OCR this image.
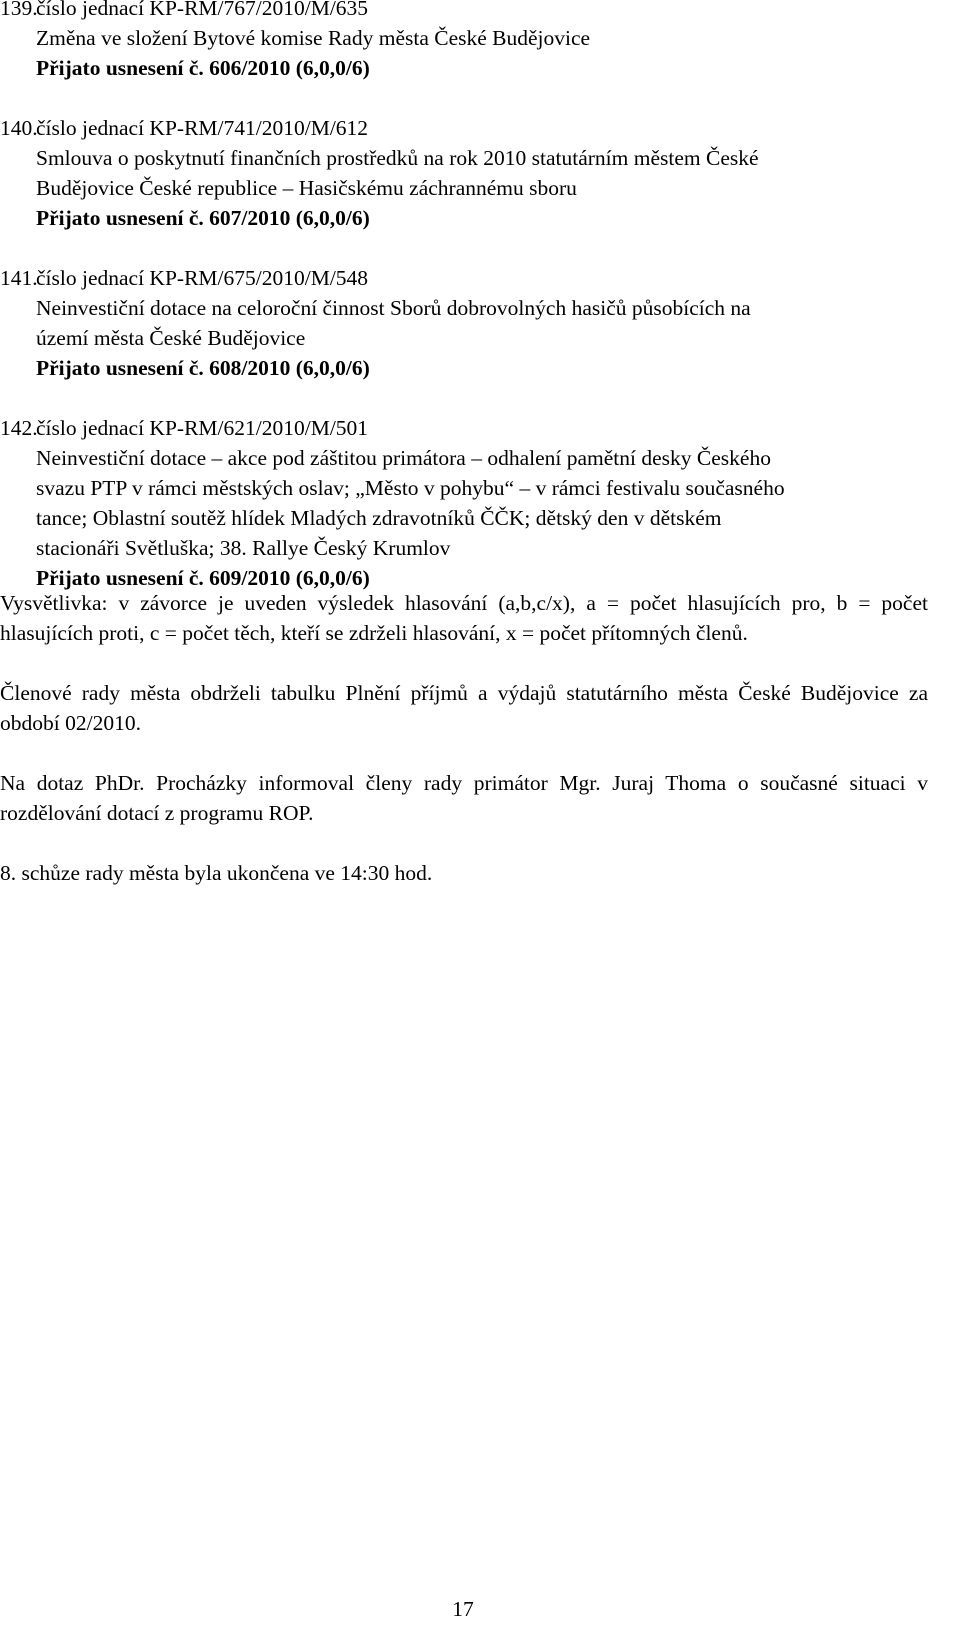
139.
číslo jednací KP-RM/767/2010/M/635
Změna ve složení Bytové komise Rady města České Budějovice
Přijato usnesení č. 606/2010 (6,0,0/6)
140.
číslo jednací KP-RM/741/2010/M/612
Smlouva o poskytnutí finančních prostředků na rok 2010 statutárním městem České
Budějovice České republice – Hasičskému záchrannému sboru
Přijato usnesení č. 607/2010 (6,0,0/6)
141.
číslo jednací KP-RM/675/2010/M/548
Neinvestiční dotace na celoroční činnost Sborů dobrovolných hasičů působících na
území města České Budějovice
Přijato usnesení č. 608/2010 (6,0,0/6)
142.
číslo jednací KP-RM/621/2010/M/501
Neinvestiční dotace – akce pod záštitou primátora – odhalení pamětní desky Českého
svazu PTP v rámci městských oslav; „Město v pohybu“ – v rámci festivalu současného
tance; Oblastní soutěž hlídek Mladých zdravotníků ČČK; dětský den v dětském
stacionáři Světluška; 38. Rallye Český Krumlov
Přijato usnesení č. 609/2010 (6,0,0/6)

Vysvětlivka: v závorce je uveden výsledek hlasování (a,b,c/x), a = počet hlasujících pro, b = počet hlasujících proti, c = počet těch, kteří se zdrželi hlasování, x = počet přítomných členů.

Členové rady města obdrželi tabulku Plnění příjmů a výdajů statutárního města České Budějovice za období 02/2010.

Na dotaz PhDr. Procházky informoval členy rady primátor Mgr. Juraj Thoma o současné situaci v rozdělování dotací z programu ROP.

8. schůze rady města byla ukončena ve 14:30 hod.

17
